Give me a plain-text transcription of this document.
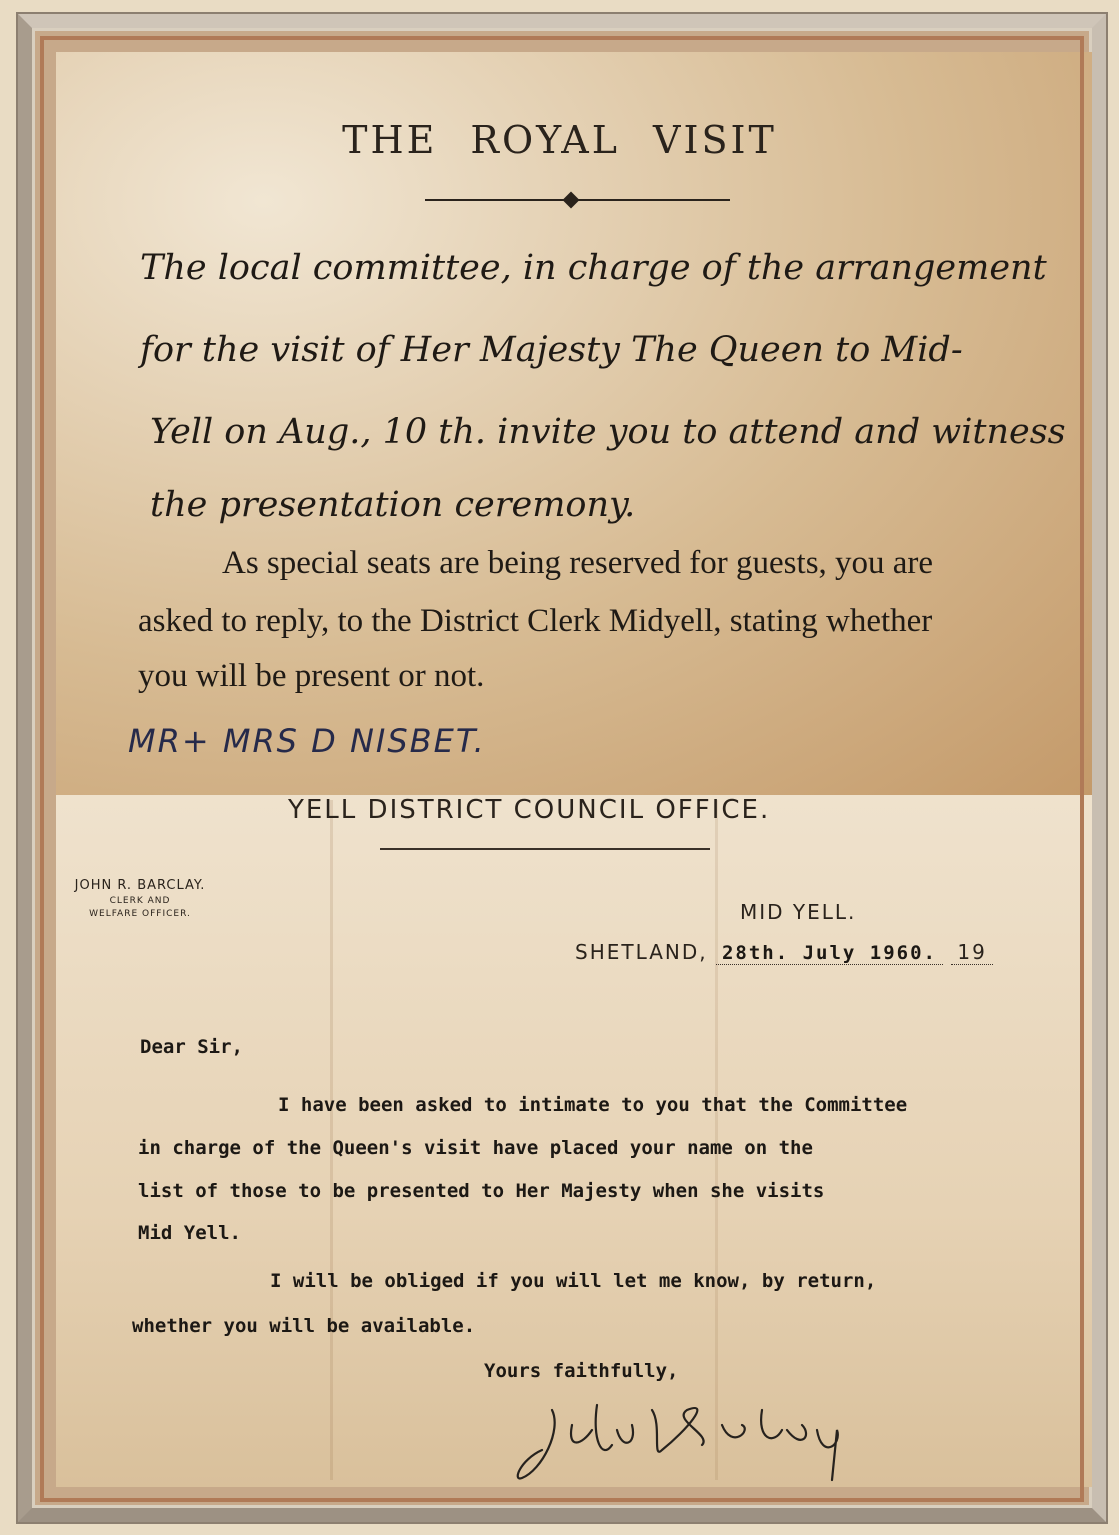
THE ROYAL VISIT
The local committee, in charge of the arrangement
for the visit of Her Majesty The Queen to Mid-
Yell on Aug., 10 th. invite you to attend and witness
the presentation ceremony.
As special seats are being reserved for guests, you are
asked to reply, to the District Clerk Midyell, stating whether
you will be present or not.
MR+ MRS D NISBET.
YELL DISTRICT COUNCIL OFFICE.
JOHN R. BARCLAY.
CLERK AND
WELFARE OFFICER.	MID YELL.
SHETLAND, 28th. July 1960. 19
Dear Sir,
I have been asked to intimate to you that the Committee
in charge of the Queen's visit have placed your name on the
list of those to be presented to Her Majesty when she visits
Mid Yell.
I will be obliged if you will let me know, by return,
whether you will be available.
Yours faithfully,
